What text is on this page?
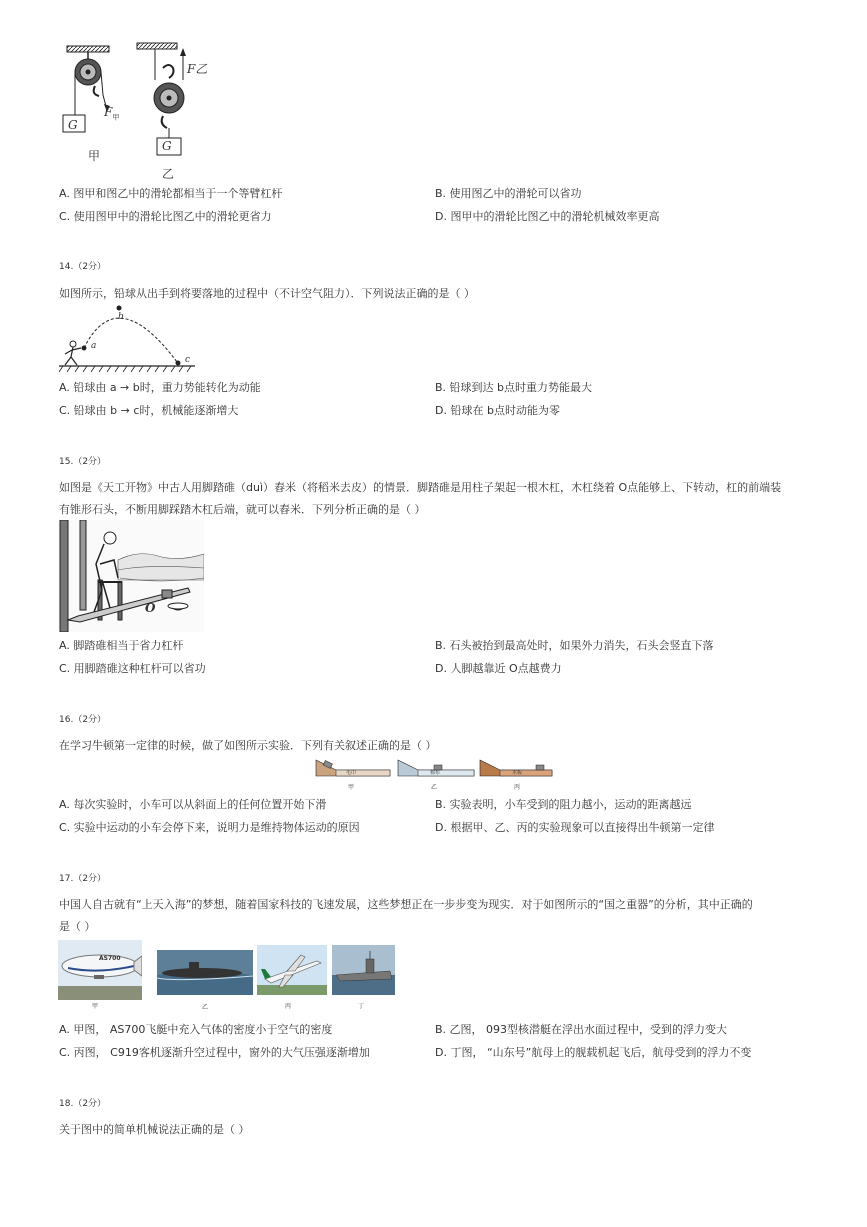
G
G
$F_甲$
F乙
甲
乙
A. 图甲和图乙中的滑轮都相当于一个等臂杠杆	B. 使用图乙中的滑轮可以省功
C. 使用图甲中的滑轮比图乙中的滑轮更省力	D. 图甲中的滑轮比图乙中的滑轮机械效率更高
14.（2分）
如图所示，铅球从出手到将要落地的过程中（不计空气阻力）．下列说法正确的是（ ）
a
b
c
A. 铅球由 a → b时，重力势能转化为动能	B. 铅球到达 b点时重力势能最大
C. 铅球由 b → c时，机械能逐渐增大	D. 铅球在 b点时动能为零
15.（2分）
如图是《天工开物》中古人用脚踏碓（duì）舂米（将稻米去皮）的情景．脚踏碓是用柱子架起一根木杠，木杠绕着 O点能够上、下转动，杠的前端装
有锥形石头，不断用脚踩踏木杠后端，就可以舂米．下列分析正确的是（ ）
O
A. 脚踏碓相当于省力杠杆	B. 石头被抬到最高处时，如果外力消失，石头会竖直下落
C. 用脚踏碓这种杠杆可以省功	D. 人脚越靠近 O点越费力
16.（2分）
在学习牛顿第一定律的时候，做了如图所示实验．下列有关叙述正确的是（ ）
毛巾	棉布	木板
甲	乙	丙
A. 每次实验时，小车可以从斜面上的任何位置开始下滑	B. 实验表明，小车受到的阻力越小，运动的距离越远
C. 实验中运动的小车会停下来，说明力是维持物体运动的原因	D. 根据甲、乙、丙的实验现象可以直接得出牛顿第一定律
17.（2分）
中国人自古就有“上天入海”的梦想，随着国家科技的飞速发展，这些梦想正在一步步变为现实．对于如图所示的“国之重器”的分析，其中正确的
是（ ）
AS700
甲	乙	丙	丁
A. 甲图， AS700飞艇中充入气体的密度小于空气的密度	B. 乙图， 093型核潜艇在浮出水面过程中，受到的浮力变大
C. 丙图， C919客机逐渐升空过程中，窗外的大气压强逐渐增加	D. 丁图， “山东号”航母上的舰载机起飞后，航母受到的浮力不变
18.（2分）
关于图中的简单机械说法正确的是（ ）
